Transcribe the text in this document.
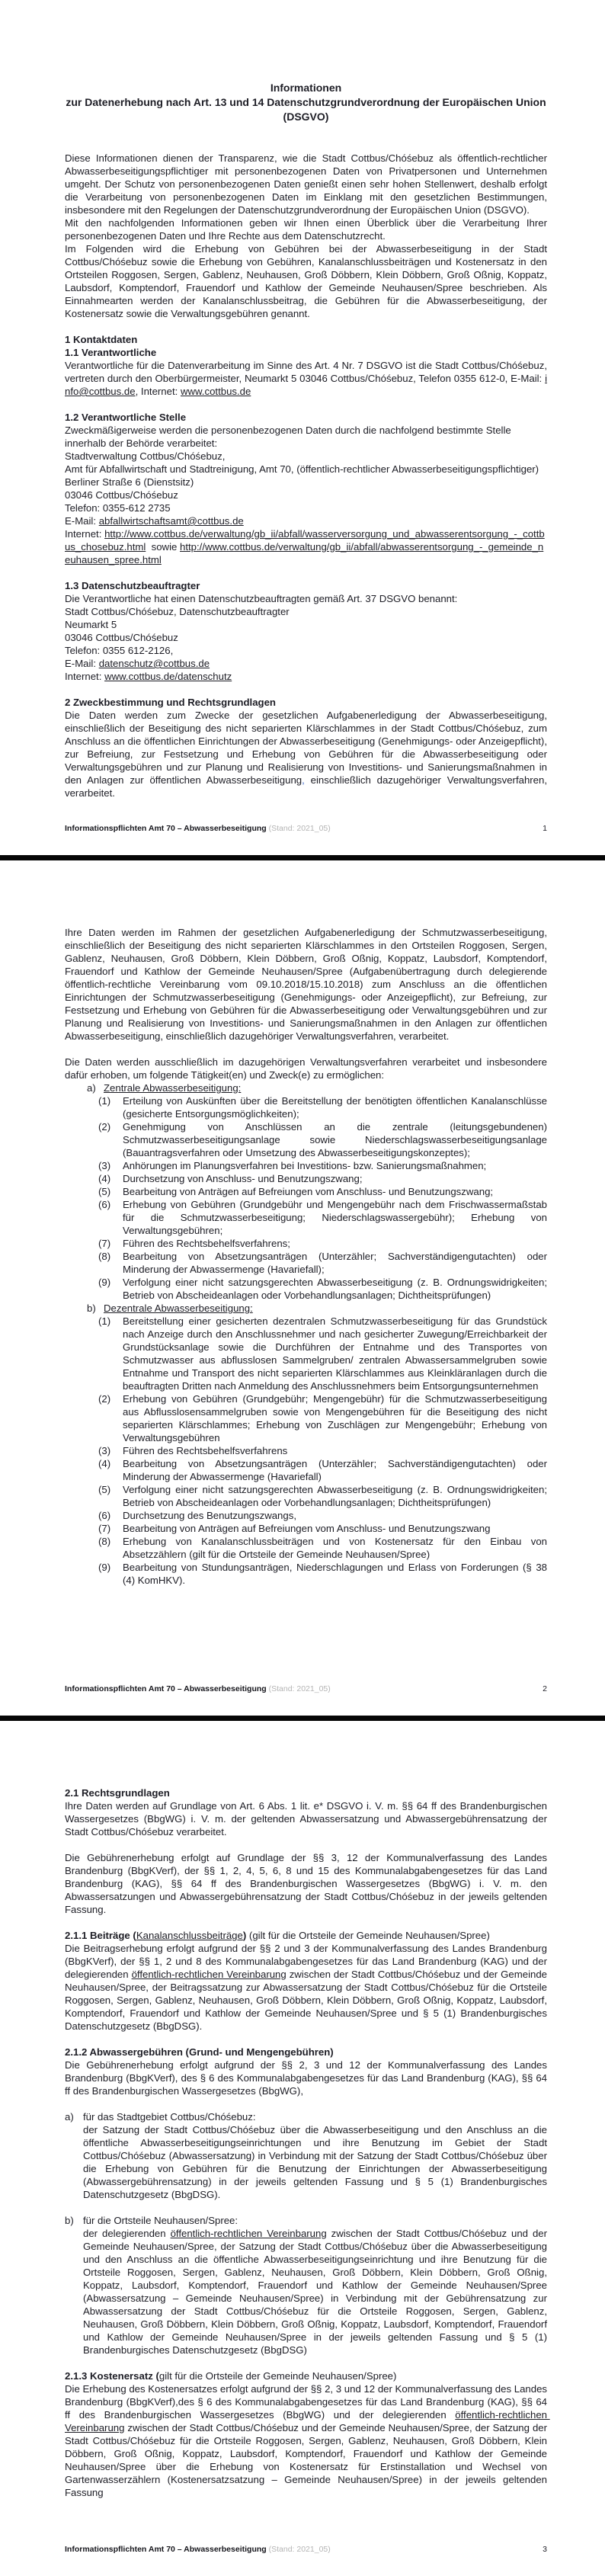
Informationen
zur Datenerhebung nach Art. 13 und 14 Datenschutzgrundverordnung der Europäischen Union
(DSGVO)

Diese Informationen dienen der Transparenz, wie die Stadt Cottbus/Chóśebuz als öffentlich-rechtlicher Abwasserbeseitigungspflichtiger mit personenbezogenen Daten von Privatpersonen und Unternehmen umgeht. Der Schutz von personenbezogenen Daten genießt einen sehr hohen Stellenwert, deshalb erfolgt die Verarbeitung von personenbezogenen Daten im Einklang mit den gesetzlichen Bestimmungen, insbesondere mit den Regelungen der Datenschutzgrundverordnung der Europäischen Union (DSGVO).

Mit den nachfolgenden Informationen geben wir Ihnen einen Überblick über die Verarbeitung Ihrer personenbezogenen Daten und Ihre Rechte aus dem Datenschutzrecht.

Im Folgenden wird die Erhebung von Gebühren bei der Abwasserbeseitigung in der Stadt Cottbus/Chóśebuz sowie die Erhebung von Gebühren, Kanalanschlussbeiträgen und Kostenersatz in den Ortsteilen Roggosen, Sergen, Gablenz, Neuhausen, Groß Döbbern, Klein Döbbern, Groß Oßnig, Koppatz, Laubsdorf, Komptendorf, Frauendorf und Kathlow der Gemeinde Neuhausen/Spree beschrieben. Als Einnahmearten werden der Kanalanschlussbeitrag, die Gebühren für die Abwasserbeseitigung, der Kostenersatz sowie die Verwaltungsgebühren genannt.

1 Kontaktdaten
1.1 Verantwortliche

Verantwortliche für die Datenverarbeitung im Sinne des Art. 4 Nr. 7 DSGVO ist die Stadt Cottbus/Chóśebuz, vertreten durch den Oberbürgermeister, Neumarkt 5 03046 Cottbus/Chóśebuz, Telefon 0355 612-0, E-Mail: info@cottbus.de, Internet: www.cottbus.de

1.2 Verantwortliche Stelle

Zweckmäßigerweise werden die personenbezogenen Daten durch die nachfolgend bestimmte Stelle innerhalb der Behörde verarbeitet:

Stadtverwaltung Cottbus/Chóśebuz,

Amt für Abfallwirtschaft und Stadtreinigung, Amt 70, (öffentlich-rechtlicher Abwasserbeseitigungspflichtiger)

Berliner Straße 6 (Dienstsitz)

03046 Cottbus/Chóśebuz

Telefon: 0355-612 2735

E-Mail: abfallwirtschaftsamt@cottbus.de

Internet: http://www.cottbus.de/verwaltung/gb_ii/abfall/wasserversorgung_und_abwasserentsorgung_-_cottbus_chosebuz.html  sowie http://www.cottbus.de/verwaltung/gb_ii/abfall/abwasserentsorgung_-_gemeinde_neuhausen_spree.html

1.3 Datenschutzbeauftragter

Die Verantwortliche hat einen Datenschutzbeauftragten gemäß Art. 37 DSGVO benannt:

Stadt Cottbus/Chóśebuz, Datenschutzbeauftragter

Neumarkt 5

03046 Cottbus/Chóśebuz

Telefon: 0355 612-2126,

E-Mail: datenschutz@cottbus.de

Internet: www.cottbus.de/datenschutz

2 Zweckbestimmung und Rechtsgrundlagen

Die Daten werden zum Zwecke der gesetzlichen Aufgabenerledigung der Abwasserbeseitigung, einschließlich der Beseitigung des nicht separierten Klärschlammes in der Stadt Cottbus/Chóśebuz, zum Anschluss an die öffentlichen Einrichtungen der Abwasserbeseitigung (Genehmigungs- oder Anzeigepflicht), zur Befreiung, zur Festsetzung und Erhebung von Gebühren für die Abwasserbeseitigung oder Verwaltungsgebühren und zur Planung und Realisierung von Investitions- und Sanierungsmaßnahmen in den Anlagen zur öffentlichen Abwasserbeseitigung, einschließlich dazugehöriger Verwaltungsverfahren, verarbeitet.

Informationspflichten Amt 70 – Abwasserbeseitigung (Stand: 2021_05)	1

Ihre Daten werden im Rahmen der gesetzlichen Aufgabenerledigung der Schmutzwasserbeseitigung, einschließlich der Beseitigung des nicht separierten Klärschlammes in den Ortsteilen Roggosen, Sergen, Gablenz, Neuhausen, Groß Döbbern, Klein Döbbern, Groß Oßnig, Koppatz, Laubsdorf, Komptendorf, Frauendorf und Kathlow der Gemeinde Neuhausen/Spree (Aufgabenübertragung durch delegierende öffentlich-rechtliche Vereinbarung vom 09.10.2018/15.10.2018) zum Anschluss an die öffentlichen Einrichtungen der Schmutzwasserbeseitigung (Genehmigungs- oder Anzeigepflicht), zur Befreiung, zur Festsetzung und Erhebung von Gebühren für die Abwasserbeseitigung oder Verwaltungsgebühren und zur Planung und Realisierung von Investitions- und Sanierungsmaßnahmen in den Anlagen zur öffentlichen Abwasserbeseitigung, einschließlich dazugehöriger Verwaltungsverfahren, verarbeitet.

Die Daten werden ausschließlich im dazugehörigen Verwaltungsverfahren verarbeitet und insbesondere dafür erhoben, um folgende Tätigkeit(en) und Zweck(e) zu ermöglichen:

a) Zentrale Abwasserbeseitigung:
(1)	Erteilung von Auskünften über die Bereitstellung der benötigten öffentlichen Kanalanschlüsse (gesicherte Entsorgungsmöglichkeiten);
(2)	Genehmigung von Anschlüssen an die zentrale (leitungsgebundenen) Schmutzwasserbeseitigungsanlage sowie Niederschlagswasserbeseitigungsanlage (Bauantragsverfahren oder Umsetzung des Abwasserbeseitigungskonzeptes);
(3)	Anhörungen im Planungsverfahren bei Investitions- bzw. Sanierungsmaßnahmen;
(4)	Durchsetzung von Anschluss- und Benutzungszwang;
(5)	Bearbeitung von Anträgen auf Befreiungen vom Anschluss- und Benutzungszwang;
(6)	Erhebung von Gebühren (Grundgebühr und Mengengebühr nach dem Frischwassermaßstab für die Schmutzwasserbeseitigung; Niederschlagswassergebühr); Erhebung von Verwaltungsgebühren;
(7)	Führen des Rechtsbehelfsverfahrens;
(8)	Bearbeitung von Absetzungsanträgen (Unterzähler; Sachverständigengutachten) oder Minderung der Abwassermenge (Havariefall);
(9)	Verfolgung einer nicht satzungsgerechten Abwasserbeseitigung (z. B. Ordnungswidrigkeiten; Betrieb von Abscheideanlagen oder Vorbehandlungsanlagen; Dichtheitsprüfungen)
b) Dezentrale Abwasserbeseitigung:
(1)	Bereitstellung einer gesicherten dezentralen Schmutzwasserbeseitigung für das Grundstück nach Anzeige durch den Anschlussnehmer und nach gesicherter Zuwegung/Erreichbarkeit der Grundstücksanlage sowie die Durchführen der Entnahme und des Transportes von Schmutzwasser aus abflusslosen Sammelgruben/ zentralen Abwassersammelgruben sowie Entnahme und Transport des nicht separierten Klärschlammes aus Kleinkläranlagen durch die beauftragten Dritten nach Anmeldung des Anschlussnehmers beim Entsorgungsunternehmen
(2)	Erhebung von Gebühren (Grundgebühr; Mengengebühr) für die Schmutzwasserbeseitigung aus Abflusslosensammelgruben sowie von Mengengebühren für die Beseitigung des nicht separierten Klärschlammes; Erhebung von Zuschlägen zur Mengengebühr; Erhebung von Verwaltungsgebühren
(3)	Führen des Rechtsbehelfsverfahrens
(4)	Bearbeitung von Absetzungsanträgen (Unterzähler; Sachverständigengutachten) oder Minderung der Abwassermenge (Havariefall)
(5)	Verfolgung einer nicht satzungsgerechten Abwasserbeseitigung (z. B. Ordnungswidrigkeiten; Betrieb von Abscheideanlagen oder Vorbehandlungsanlagen; Dichtheitsprüfungen)
(6)	Durchsetzung des Benutzungszwangs,
(7)	Bearbeitung von Anträgen auf Befreiungen vom Anschluss- und Benutzungszwang
(8)	Erhebung von Kanalanschlussbeiträgen und von Kostenersatz für den Einbau von Absetzzählern (gilt für die Ortsteile der Gemeinde Neuhausen/Spree)
(9)	Bearbeitung von Stundungsanträgen, Niederschlagungen und Erlass von Forderungen (§ 38 (4) KomHKV).
Informationspflichten Amt 70 – Abwasserbeseitigung (Stand: 2021_05)	2
2.1 Rechtsgrundlagen

Ihre Daten werden auf Grundlage von Art. 6 Abs. 1 lit. e* DSGVO i. V. m. §§ 64 ff des Brandenburgischen Wassergesetzes (BbgWG) i. V. m. der geltenden Abwassersatzung und Abwassergebührensatzung der Stadt Cottbus/Chóśebuz verarbeitet.

Die Gebührenerhebung erfolgt auf Grundlage der §§ 3, 12 der Kommunalverfassung des Landes Brandenburg (BbgKVerf), der §§ 1, 2, 4, 5, 6, 8 und 15 des Kommunalabgabengesetzes für das Land Brandenburg (KAG), §§ 64 ff des Brandenburgischen Wassergesetzes (BbgWG) i. V. m. den Abwassersatzungen und Abwassergebührensatzung der Stadt Cottbus/Chóśebuz in der jeweils geltenden Fassung.

2.1.1 Beiträge (Kanalanschlussbeiträge) (gilt für die Ortsteile der Gemeinde Neuhausen/Spree)

Die Beitragserhebung erfolgt aufgrund der §§ 2 und 3 der Kommunalverfassung des Landes Brandenburg (BbgKVerf), der §§ 1, 2 und 8 des Kommunalabgabengesetzes für das Land Brandenburg (KAG) und der delegierenden öffentlich-rechtlichen Vereinbarung zwischen der Stadt Cottbus/Chóśebuz und der Gemeinde Neuhausen/Spree, der Beitragssatzung zur Abwassersatzung der Stadt Cottbus/Chóśebuz für die Ortsteile Roggosen, Sergen, Gablenz, Neuhausen, Groß Döbbern, Klein Döbbern, Groß Oßnig, Koppatz, Laubsdorf, Komptendorf, Frauendorf und Kathlow der Gemeinde Neuhausen/Spree und § 5 (1) Brandenburgisches Datenschutzgesetz (BbgDSG).

2.1.2 Abwassergebühren (Grund- und Mengengebühren)

Die Gebührenerhebung erfolgt aufgrund der §§ 2, 3 und 12 der Kommunalverfassung des Landes Brandenburg (BbgKVerf), des § 6 des Kommunalabgabengesetzes für das Land Brandenburg (KAG), §§ 64 ff des Brandenburgischen Wassergesetzes (BbgWG),

a) für das Stadtgebiet Cottbus/Chóśebuz:
der Satzung der Stadt Cottbus/Chóśebuz über die Abwasserbeseitigung und den Anschluss an die öffentliche Abwasserbeseitigungseinrichtungen und ihre Benutzung im Gebiet der Stadt Cottbus/Chóśebuz (Abwassersatzung) in Verbindung mit der Satzung der Stadt Cottbus/Chóśebuz über die Erhebung von Gebühren für die Benutzung der Einrichtungen der Abwasserbeseitigung (Abwassergebührensatzung) in der jeweils geltenden Fassung und § 5 (1) Brandenburgisches Datenschutzgesetz (BbgDSG).
b) für die Ortsteile Neuhausen/Spree:
der delegierenden öffentlich-rechtlichen Vereinbarung zwischen der Stadt Cottbus/Chóśebuz und der Gemeinde Neuhausen/Spree, der Satzung der Stadt Cottbus/Chóśebuz über die Abwasserbeseitigung und den Anschluss an die öffentliche Abwasserbeseitigungseinrichtung und ihre Benutzung für die Ortsteile Roggosen, Sergen, Gablenz, Neuhausen, Groß Döbbern, Klein Döbbern, Groß Oßnig, Koppatz, Laubsdorf, Komptendorf, Frauendorf und Kathlow der Gemeinde Neuhausen/Spree (Abwassersatzung – Gemeinde Neuhausen/Spree) in Verbindung mit der Gebührensatzung zur Abwassersatzung der Stadt Cottbus/Chóśebuz für die Ortsteile Roggosen, Sergen, Gablenz, Neuhausen, Groß Döbbern, Klein Döbbern, Groß Oßnig, Koppatz, Laubsdorf, Komptendorf, Frauendorf und Kathlow der Gemeinde Neuhausen/Spree in der jeweils geltenden Fassung und § 5 (1) Brandenburgisches Datenschutzgesetz (BbgDSG)
2.1.3 Kostenersatz (gilt für die Ortsteile der Gemeinde Neuhausen/Spree)

Die Erhebung des Kostenersatzes erfolgt aufgrund der §§ 2, 3 und 12 der Kommunalverfassung des Landes Brandenburg (BbgKVerf),des § 6 des Kommunalabgabengesetzes für das Land Brandenburg (KAG), §§ 64 ff des Brandenburgischen Wassergesetzes (BbgWG) und der delegierenden öffentlich-rechtlichen Vereinbarung zwischen der Stadt Cottbus/Chóśebuz und der Gemeinde Neuhausen/Spree, der Satzung der Stadt Cottbus/Chóśebuz für die Ortsteile Roggosen, Sergen, Gablenz, Neuhausen, Groß Döbbern, Klein Döbbern, Groß Oßnig, Koppatz, Laubsdorf, Komptendorf, Frauendorf und Kathlow der Gemeinde Neuhausen/Spree über die Erhebung von Kostenersatz für Erstinstallation und Wechsel von Gartenwasserzählern (Kostenersatzsatzung – Gemeinde Neuhausen/Spree) in der jeweils geltenden Fassung

Informationspflichten Amt 70 – Abwasserbeseitigung (Stand: 2021_05)	3
